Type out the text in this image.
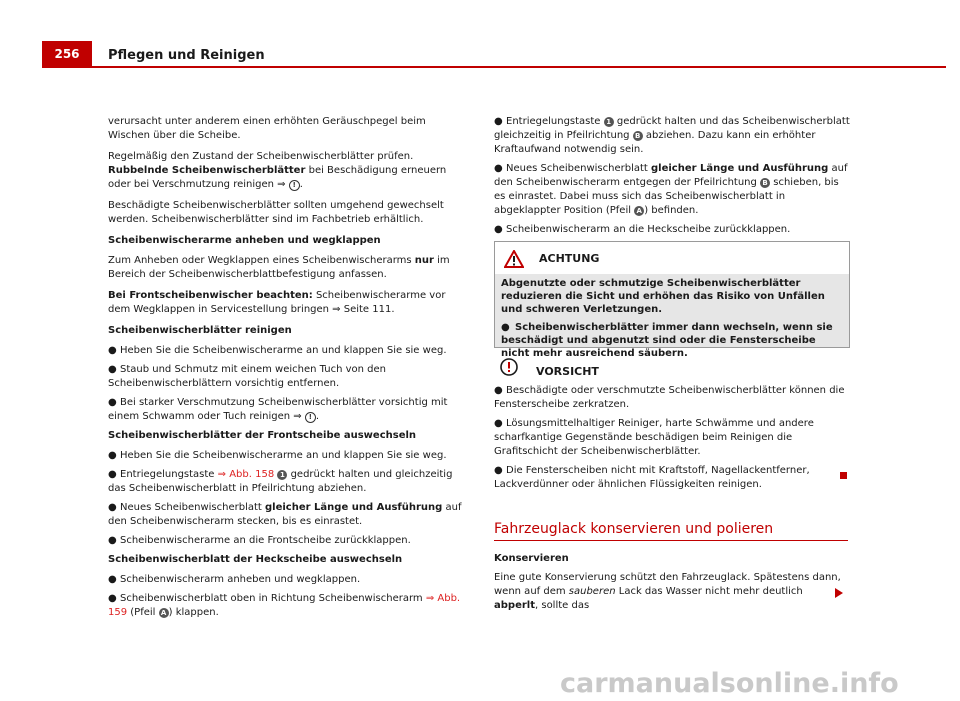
256	Pflegen und Reinigen

verursacht unter anderem einen erhöhten Geräuschpegel beim Wischen über die Scheibe.

Regelmäßig den Zustand der Scheibenwischerblätter prüfen. Rubbelnde Scheibenwischerblätter bei Beschädigung erneuern oder bei Verschmutzung reinigen ⇒ ! .

Beschädigte Scheibenwischerblätter sollten umgehend gewechselt werden. Scheibenwischerblätter sind im Fachbetrieb erhältlich.

Scheibenwischerarme anheben und wegklappen

Zum Anheben oder Wegklappen eines Scheibenwischerarms nur im Bereich der Scheibenwischerblattbefestigung anfassen.

Bei Frontscheibenwischer beachten: Scheibenwischerarme vor dem Wegklappen in Servicestellung bringen ⇒ Seite 111.

Scheibenwischerblätter reinigen

● Heben Sie die Scheibenwischerarme an und klappen Sie sie weg.

● Staub und Schmutz mit einem weichen Tuch von den Scheibenwischerblättern vorsichtig entfernen.

● Bei starker Verschmutzung Scheibenwischerblätter vorsichtig mit einem Schwamm oder Tuch reinigen ⇒ ! .

Scheibenwischerblätter der Frontscheibe auswechseln

● Heben Sie die Scheibenwischerarme an und klappen Sie sie weg.

● Entriegelungstaste ⇒ Abb. 158 1 gedrückt halten und gleichzeitig das Scheibenwischerblatt in Pfeilrichtung abziehen.

● Neues Scheibenwischerblatt gleicher Länge und Ausführung auf den Scheibenwischerarm stecken, bis es einrastet.

● Scheibenwischerarme an die Frontscheibe zurückklappen.

Scheibenwischerblatt der Heckscheibe auswechseln

● Scheibenwischerarm anheben und wegklappen.

● Scheibenwischerblatt oben in Richtung Scheibenwischerarm ⇒ Abb. 159 (Pfeil A ) klappen.

● Entriegelungstaste 1 gedrückt halten und das Scheibenwischerblatt gleichzeitig in Pfeilrichtung B abziehen. Dazu kann ein erhöhter Kraftaufwand notwendig sein.

● Neues Scheibenwischerblatt gleicher Länge und Ausführung auf den Scheibenwischerarm entgegen der Pfeilrichtung B schieben, bis es einrastet. Dabei muss sich das Scheibenwischerblatt in abgeklappter Position (Pfeil A ) befinden.

● Scheibenwischerarm an die Heckscheibe zurückklappen.

ACHTUNG

Abgenutzte oder schmutzige Scheibenwischerblätter reduzieren die Sicht und erhöhen das Risiko von Unfällen und schweren Verletzungen.

● Scheibenwischerblätter immer dann wechseln, wenn sie beschädigt und abgenutzt sind oder die Fensterscheibe nicht mehr ausreichend säubern.

VORSICHT

● Beschädigte oder verschmutzte Scheibenwischerblätter können die Fensterscheibe zerkratzen.

● Lösungsmittelhaltiger Reiniger, harte Schwämme und andere scharfkantige Gegenstände beschädigen beim Reinigen die Grafitschicht der Scheibenwischerblätter.

● Die Fensterscheiben nicht mit Kraftstoff, Nagellackentferner, Lackverdünner oder ähnlichen Flüssigkeiten reinigen.

Fahrzeuglack konservieren und polieren
Konservieren
Eine gute Konservierung schützt den Fahrzeuglack. Spätestens dann, wenn auf dem sauberen Lack das Wasser nicht mehr deutlich abperlt, sollte das
carmanualsonline.info
